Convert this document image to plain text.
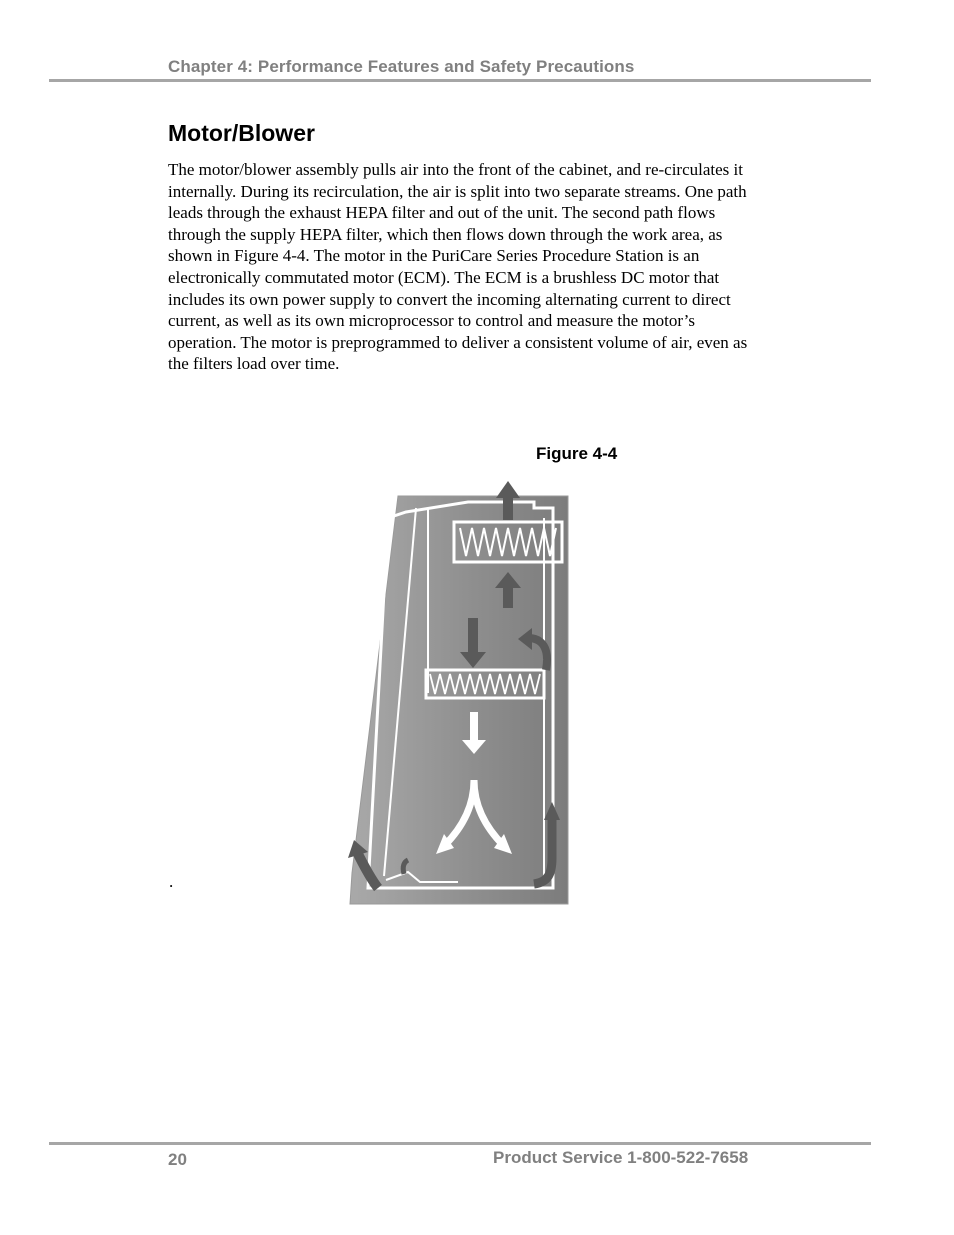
Chapter 4: Performance Features and Safety Precautions
Motor/Blower

The motor/blower assembly pulls air into the front of the cabinet, and re-circulates it internally. During its recirculation, the air is split into two separate streams. One path leads through the exhaust HEPA filter and out of the unit. The second path flows through the supply HEPA filter, which then flows down through the work area, as shown in Figure 4-4. The motor in the PuriCare Series Procedure Station is an electronically commutated motor (ECM). The ECM is a brushless DC motor that includes its own power supply to convert the incoming alternating current to direct current, as well as its own microprocessor to control and measure the motor’s operation. The motor is preprogrammed to deliver a consistent volume of air, even as the filters load over time.

Figure 4-4
.
20	Product Service 1-800-522-7658
